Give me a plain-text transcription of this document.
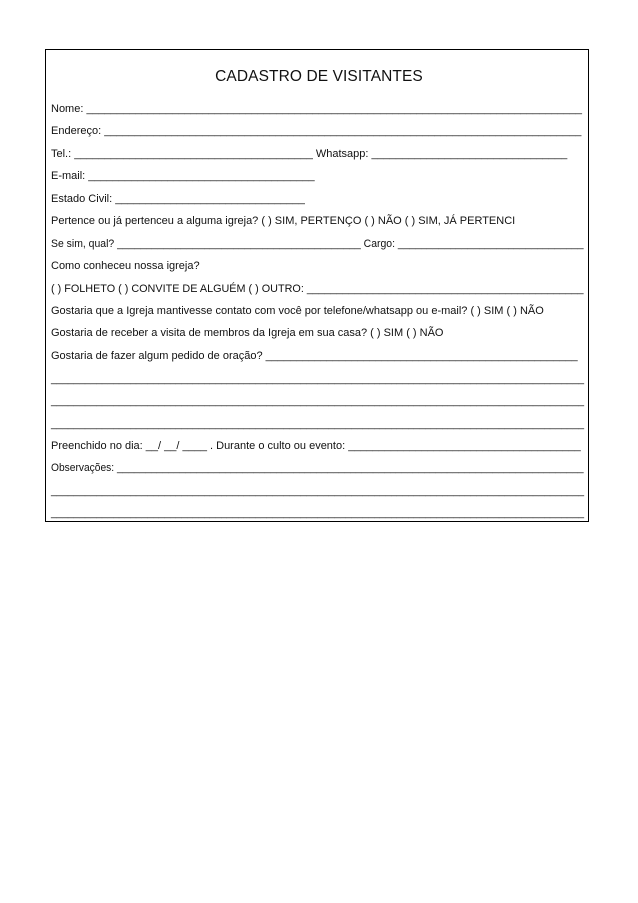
CADASTRO DE VISITANTES
Nome: _________________________________________________________________________________
Endereço: ______________________________________________________________________________
Tel.: _______________________________________ Whatsapp: ________________________________
E-mail: _____________________________________
Estado Civil: _______________________________
Pertence ou já pertenceu a alguma igreja? ( ) SIM, PERTENÇO ( ) NÃO ( ) SIM, JÁ PERTENCI
Se sim, qual? __________________________________________ Cargo: ________________________________
Como conheceu nossa igreja?
( ) FOLHETO ( ) CONVITE DE ALGUÉM ( ) OUTRO: ______________________________________________
Gostaria que a Igreja mantivesse contato com você por telefone/whatsapp ou e-mail? ( ) SIM ( ) NÃO
Gostaria de receber a visita de membros da Igreja em sua casa? ( ) SIM ( ) NÃO
Gostaria de fazer algum pedido de oração? ___________________________________________________
______________________________________________________________________________________________
______________________________________________________________________________________________
______________________________________________________________________________________________
Preenchido no dia: __/ __/ ____ . Durante o culto ou evento: ______________________________________
Observações: __________________________________________________________________________________
______________________________________________________________________________________________
______________________________________________________________________________________________
